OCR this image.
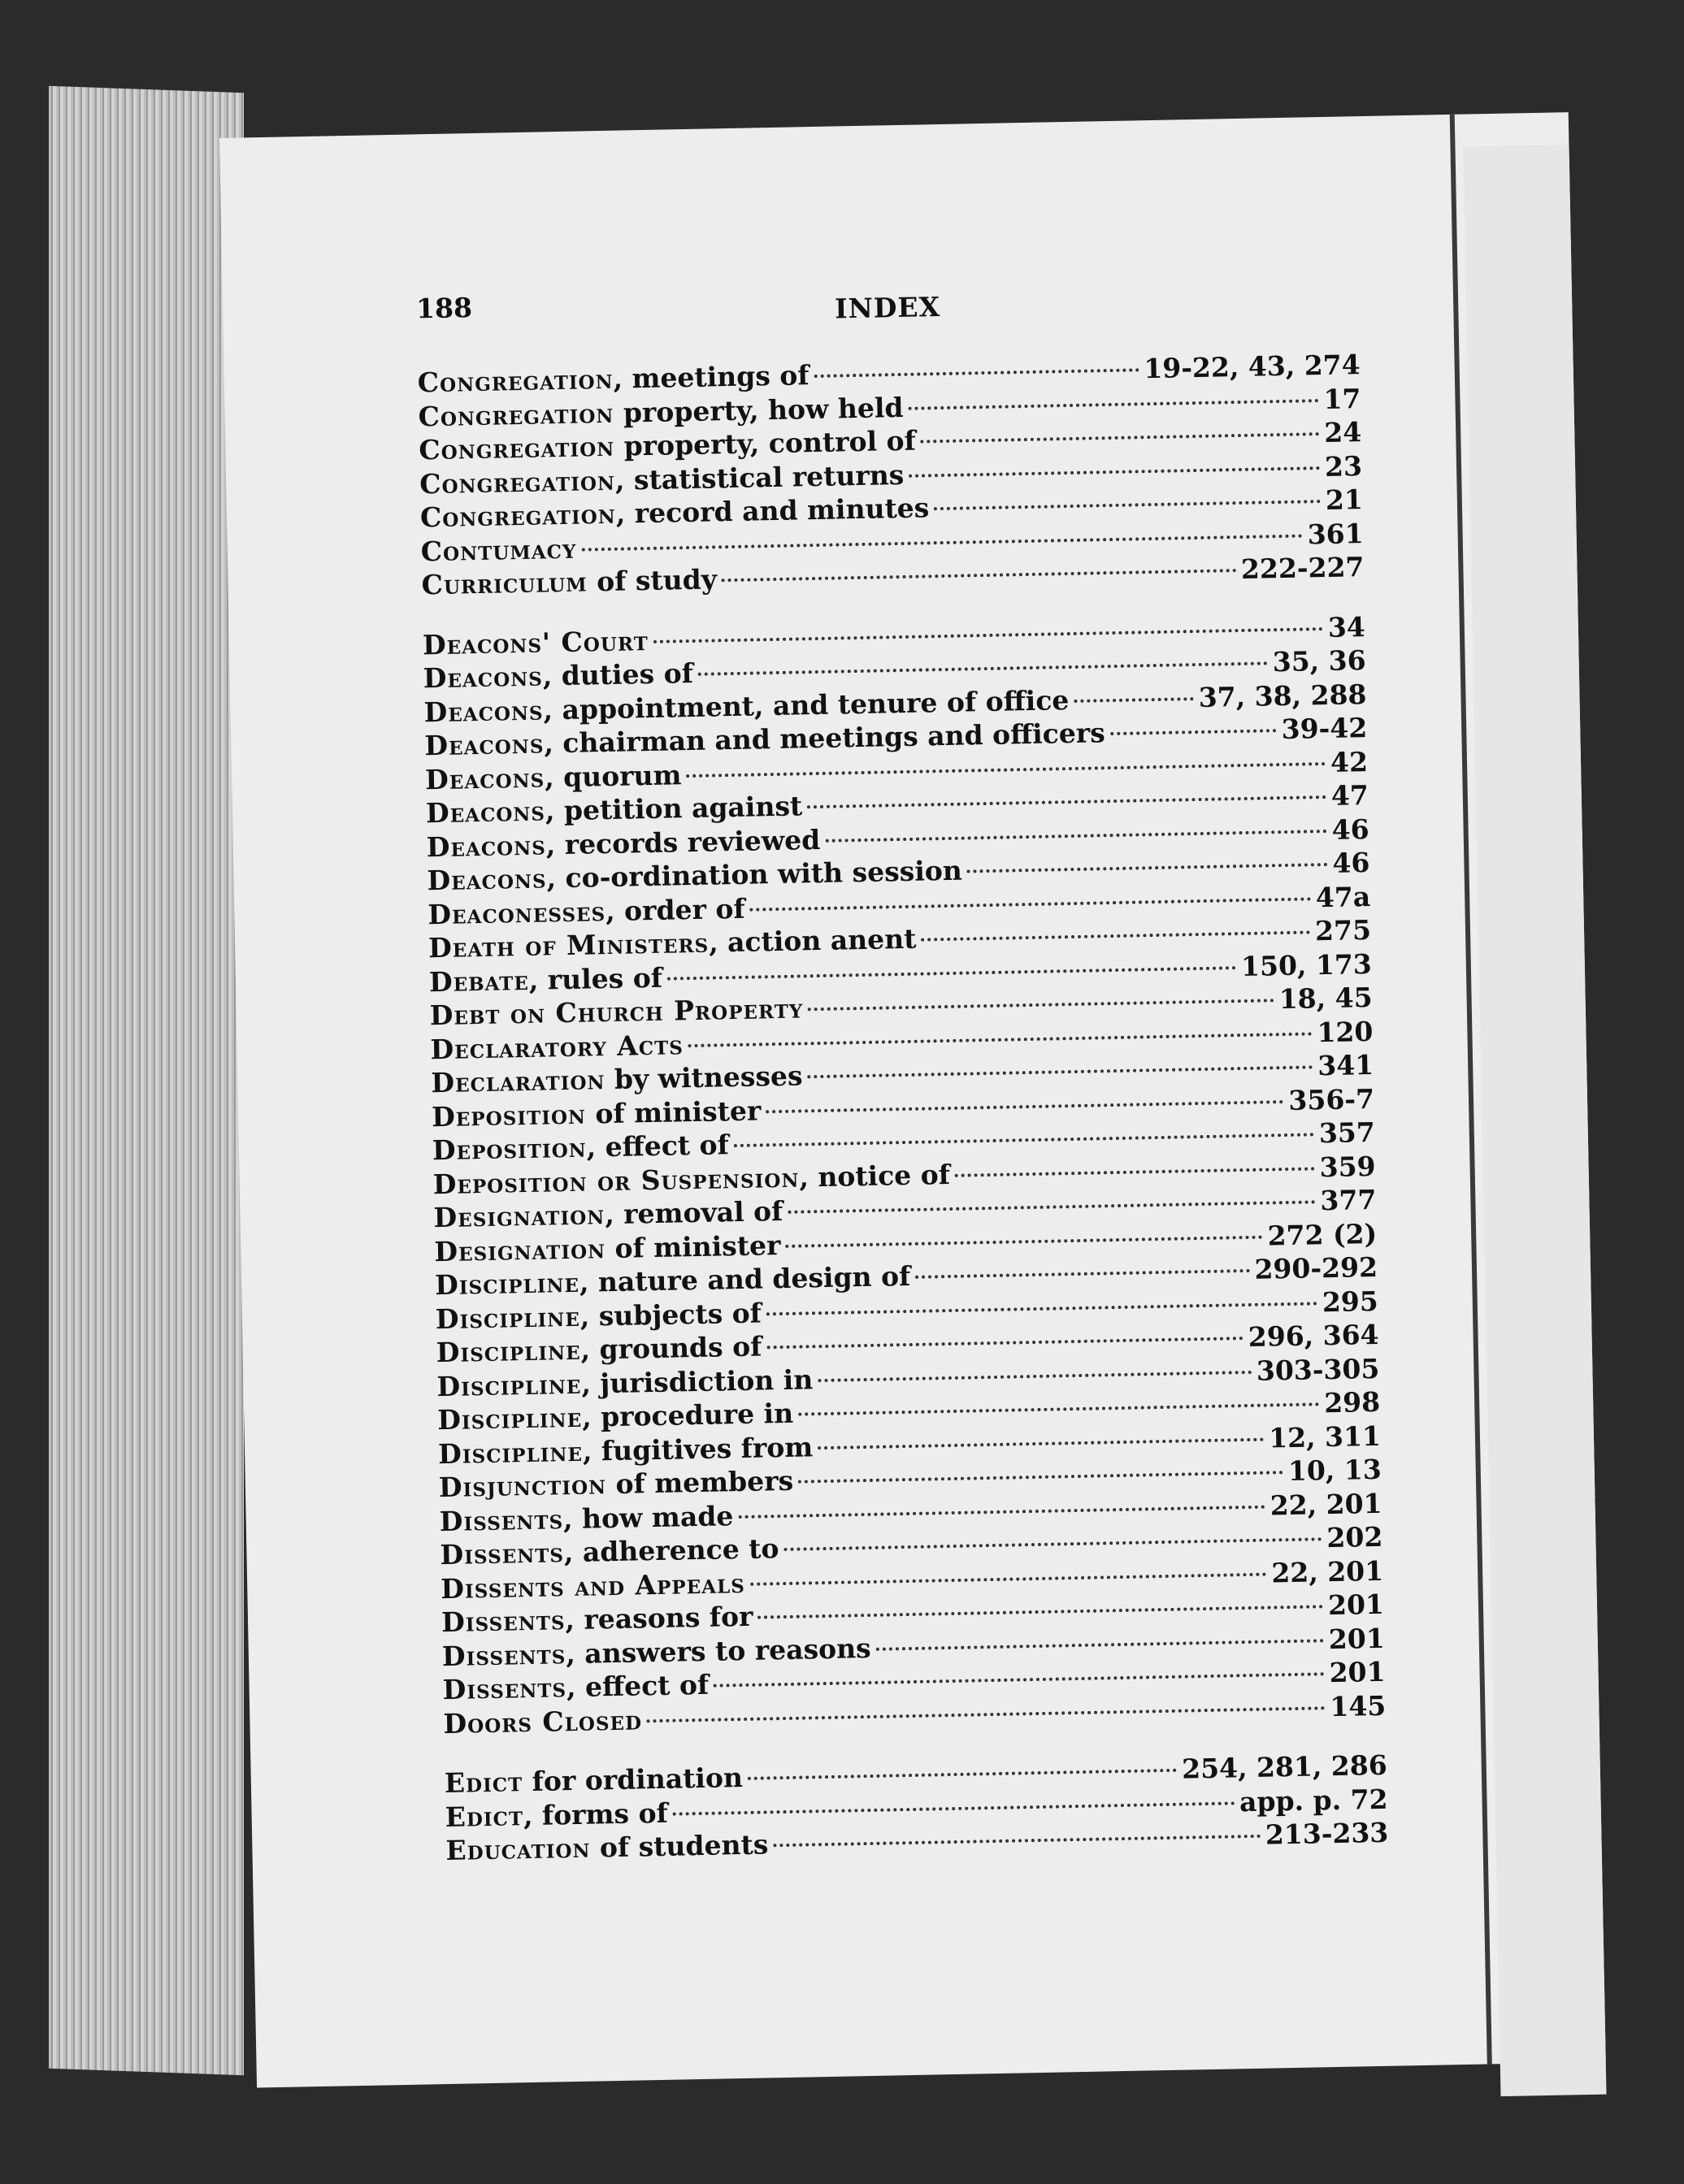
188	INDEX
Congregation, meetings of	19-22, 43, 274
Congregation property, how held	17
Congregation property, control of	24
Congregation, statistical returns	23
Congregation, record and minutes	21
Contumacy	361
Curriculum of study	222-227
Deacons' Court	34
Deacons, duties of	35, 36
Deacons, appointment, and tenure of office	37, 38, 288
Deacons, chairman and meetings and officers	39-42
Deacons, quorum	42
Deacons, petition against	47
Deacons, records reviewed	46
Deacons, co-ordination with session	46
Deaconesses, order of	47a
Death of Ministers, action anent	275
Debate, rules of	150, 173
Debt on Church Property	18, 45
Declaratory Acts	120
Declaration by witnesses	341
Deposition of minister	356-7
Deposition, effect of	357
Deposition or Suspension, notice of	359
Designation, removal of	377
Designation of minister	272 (2)
Discipline, nature and design of	290-292
Discipline, subjects of	295
Discipline, grounds of	296, 364
Discipline, jurisdiction in	303-305
Discipline, procedure in	298
Discipline, fugitives from	12, 311
Disjunction of members	10, 13
Dissents, how made	22, 201
Dissents, adherence to	202
Dissents and Appeals	22, 201
Dissents, reasons for	201
Dissents, answers to reasons	201
Dissents, effect of	201
Doors Closed	145
Edict for ordination	254, 281, 286
Edict, forms of	app. p. 72
Education of students	213-233
